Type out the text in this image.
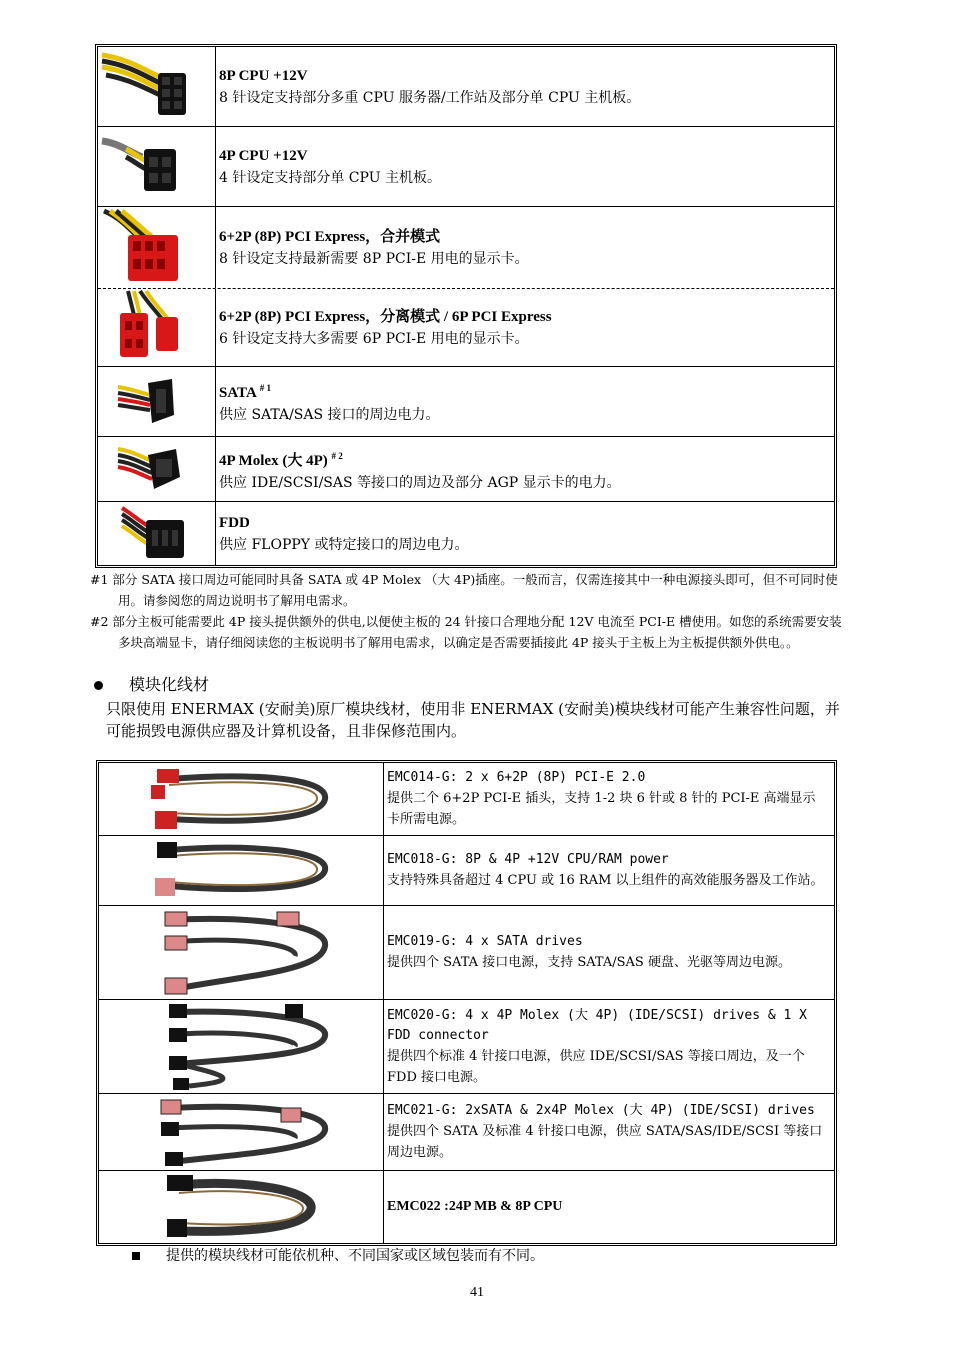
8P CPU +12V
8 针设定支持部分多重 CPU 服务器/工作站及部分单 CPU 主机板。
4P CPU +12V
4 针设定支持部分单 CPU 主机板。
6+2P (8P) PCI Express，合并模式
8 针设定支持最新需要 8P PCI-E 用电的显示卡。
6+2P (8P) PCI Express，分离模式 / 6P PCI Express
6 针设定支持大多需要 6P PCI-E 用电的显示卡。
SATA $^{\# 1}$
供应 SATA/SAS 接口的周边电力。
4P Molex (大 4P) $^{\# 2}$
供应 IDE/SCSI/SAS 等接口的周边及部分 AGP 显示卡的电力。
FDD
供应 FLOPPY 或特定接口的周边电力。
#1 部分 SATA 接口周边可能同时具备 SATA 或 4P Molex （大 4P)插座。一般而言，仅需连接其中一种电源接头即可，但不可同时使用。请参阅您的周边说明书了解用电需求。
#2 部分主板可能需要此 4P 接头提供额外的供电,以便使主板的 24 针接口合理地分配 12V 电流至 PCI-E 槽使用。如您的系统需要安装多块高端显卡，请仔细阅读您的主板说明书了解用电需求，以确定是否需要插接此 4P 接头于主板上为主板提供额外供电。。
模块化线材
只限使用 ENERMAX (安耐美)原厂模块线材，使用非 ENERMAX (安耐美)模块线材可能产生兼容性问题，并可能损毁电源供应器及计算机设备，且非保修范围内。
EMC014-G: 2 x 6+2P (8P) PCI-E 2.0
提供二个 6+2P PCI-E 插头，支持 1-2 块 6 针或 8 针的 PCI-E 高端显示卡所需电源。
EMC018-G: 8P & 4P +12V CPU/RAM power
支持特殊具备超过 4 CPU 或 16 RAM 以上组件的高效能服务器及工作站。
EMC019-G: 4 x SATA drives
提供四个 SATA 接口电源，支持 SATA/SAS 硬盘、光驱等周边电源。
EMC020-G: 4 x 4P Molex (大 4P) (IDE/SCSI) drives & 1 X FDD connector
提供四个标准 4 针接口电源，供应 IDE/SCSI/SAS 等接口周边，及一个 FDD 接口电源。
EMC021-G: 2xSATA & 2x4P Molex (大 4P) (IDE/SCSI) drives
提供四个 SATA 及标准 4 针接口电源，供应 SATA/SAS/IDE/SCSI 等接口周边电源。
EMC022 :24P MB & 8P CPU
提供的模块线材可能依机种、不同国家或区域包装而有不同。
41
